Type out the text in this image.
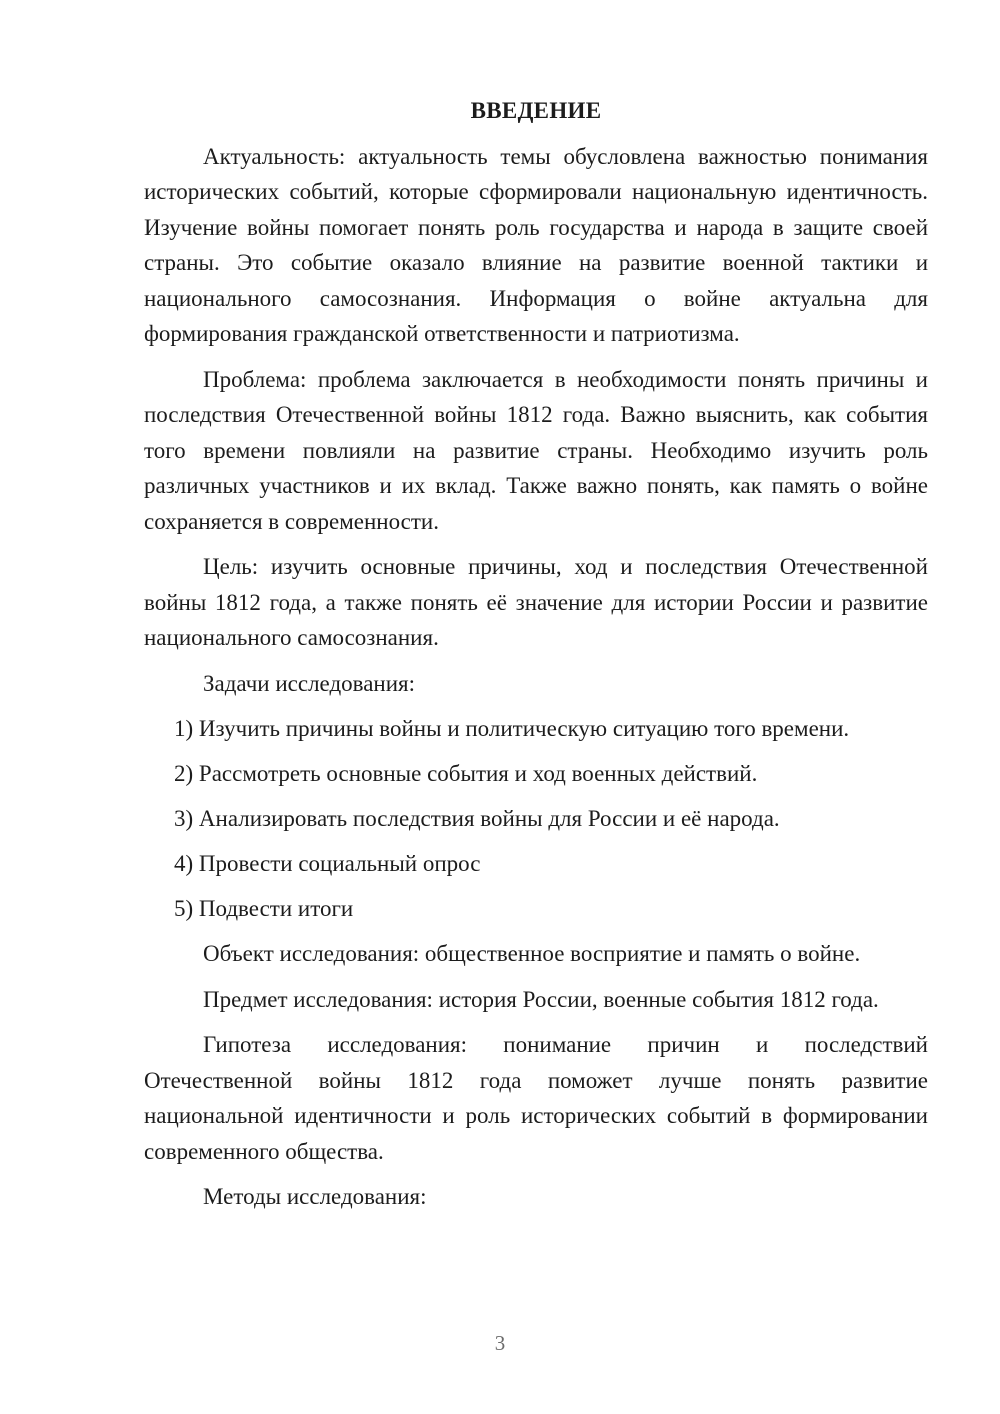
ВВЕДЕНИЕ

Актуальность: актуальность темы обусловлена важностью понимания исторических событий, которые сформировали национальную идентичность. Изучение войны помогает понять роль государства и народа в защите своей страны. Это событие оказало влияние на развитие военной тактики и национального самосознания. Информация о войне актуальна для формирования гражданской ответственности и патриотизма.

Проблема: проблема заключается в необходимости понять причины и последствия Отечественной войны 1812 года. Важно выяснить, как события того времени повлияли на развитие страны. Необходимо изучить роль различных участников и их вклад. Также важно понять, как память о войне сохраняется в современности.

Цель: изучить основные причины, ход и последствия Отечественной войны 1812 года, а также понять её значение для истории России и развитие национального самосознания.

Задачи исследования:

1) Изучить причины войны и политическую ситуацию того времени.
2) Рассмотреть основные события и ход военных действий.
3) Анализировать последствия войны для России и её народа.
4) Провести социальный опрос
5) Подвести итоги

Объект исследования: общественное восприятие и память о войне.

Предмет исследования: история России, военные события 1812 года.

Гипотеза исследования: понимание причин и последствий Отечественной войны 1812 года поможет лучше понять развитие национальной идентичности и роль исторических событий в формировании современного общества.

Методы исследования:

3
